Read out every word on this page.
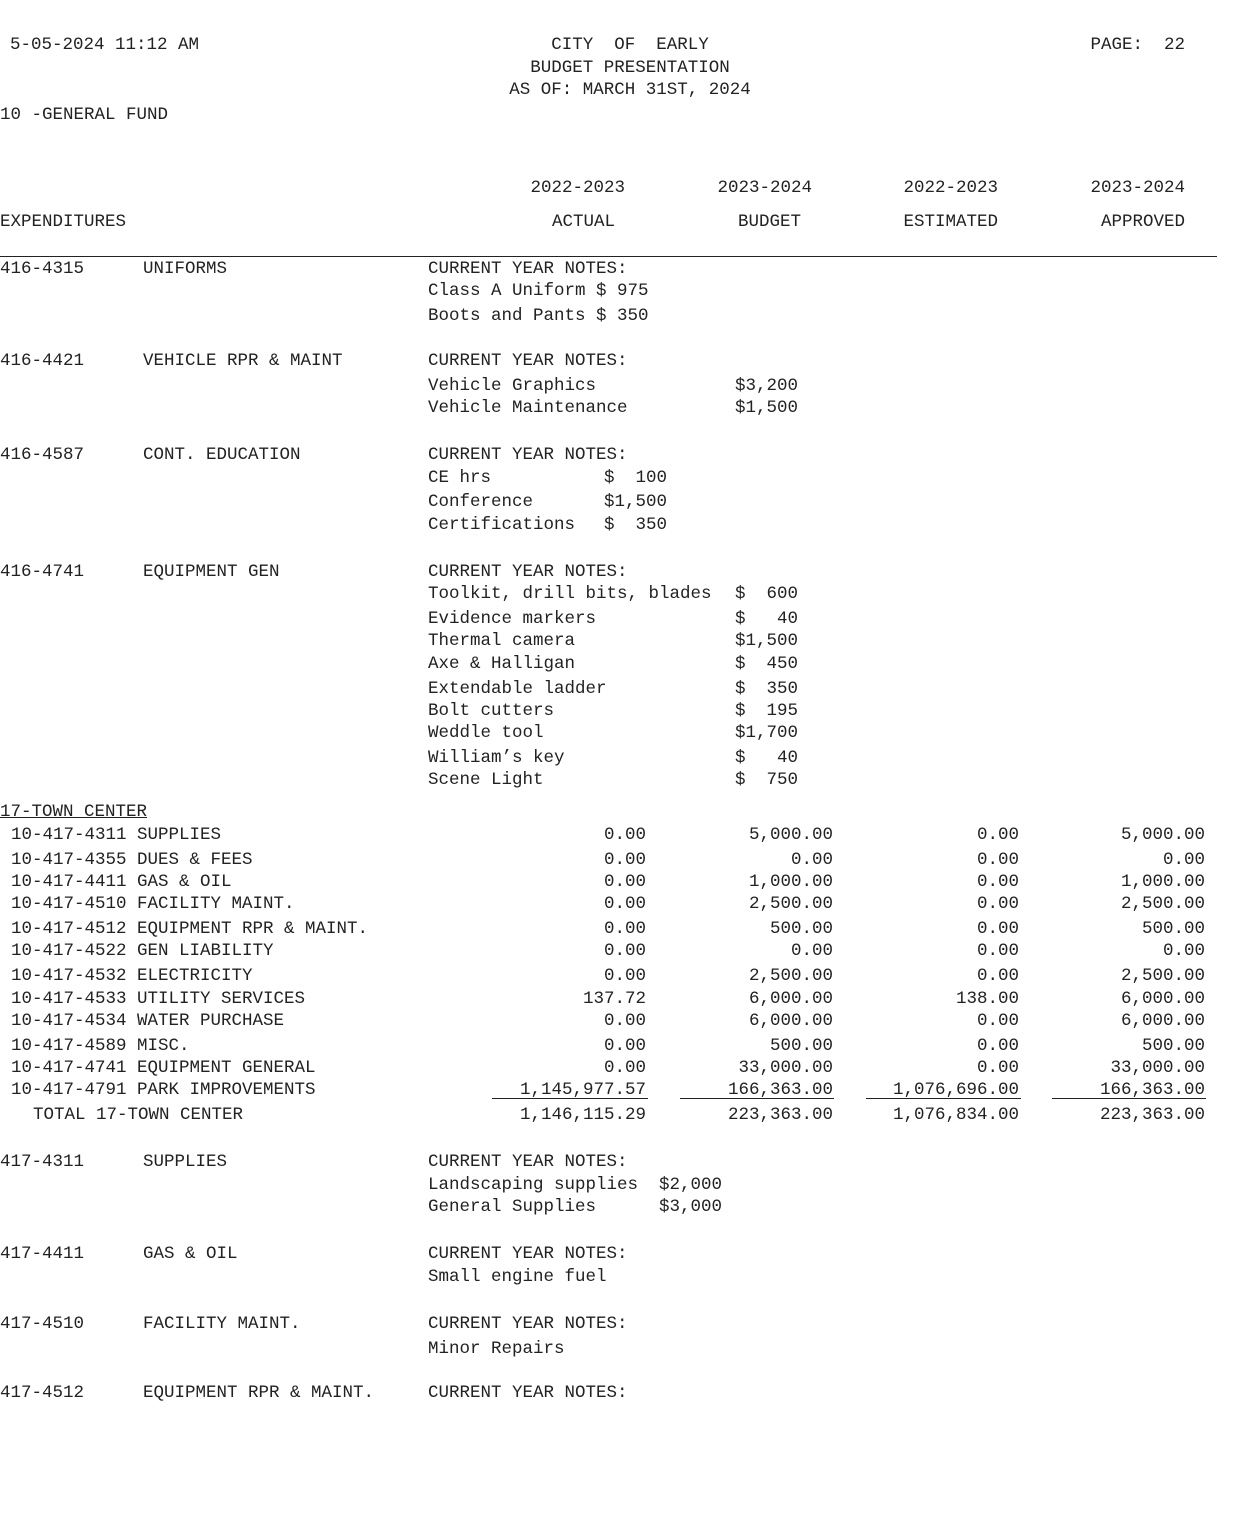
5-05-2024 11:12 AM	CITY  OF  EARLY
BUDGET PRESENTATION
AS OF: MARCH 31ST, 2024
PAGE:  22
10 -GENERAL FUND
2022-2023	2023-2024	2022-2023	2023-2024
EXPENDITURES	ACTUAL	BUDGET	ESTIMATED	APPROVED
416-4315	UNIFORMS	CURRENT YEAR NOTES:
Class A Uniform $ 975
Boots and Pants $ 350
416-4421	VEHICLE RPR & MAINT	CURRENT YEAR NOTES:
Vehicle Graphics	$3,200
Vehicle Maintenance	$1,500
416-4587	CONT. EDUCATION	CURRENT YEAR NOTES:
CE hrs	$  100
Conference	$1,500
Certifications $  350
416-4741	EQUIPMENT GEN	CURRENT YEAR NOTES:
Toolkit, drill bits, blades $  600
Evidence markers	$   40
Thermal camera	$1,500
Axe & Halligan	$  450
Extendable ladder	$  350
Bolt cutters	$  195
Weddle tool	$1,700
William’s key	$   40
Scene Light	$  750
17-TOWN CENTER
10-417-4311 SUPPLIES	0.00	5,000.00	0.00	5,000.00
10-417-4355 DUES & FEES	0.00	0.00	0.00	0.00
10-417-4411 GAS & OIL	0.00	1,000.00	0.00	1,000.00
10-417-4510 FACILITY MAINT.	0.00	2,500.00	0.00	2,500.00
10-417-4512 EQUIPMENT RPR & MAINT.	0.00	500.00	0.00	500.00
10-417-4522 GEN LIABILITY	0.00	0.00	0.00	0.00
10-417-4532 ELECTRICITY	0.00	2,500.00	0.00	2,500.00
10-417-4533 UTILITY SERVICES	137.72	6,000.00	138.00	6,000.00
10-417-4534 WATER PURCHASE	0.00	6,000.00	0.00	6,000.00
10-417-4589 MISC.	0.00	500.00	0.00	500.00
10-417-4741 EQUIPMENT GENERAL	0.00	33,000.00	0.00	33,000.00
10-417-4791 PARK IMPROVEMENTS	1,145,977.57	166,363.00	1,076,696.00	166,363.00
TOTAL 17-TOWN CENTER	1,146,115.29	223,363.00	1,076,834.00	223,363.00
417-4311	SUPPLIES	CURRENT YEAR NOTES:
Landscaping supplies $2,000
General Supplies	$3,000
417-4411	GAS & OIL	CURRENT YEAR NOTES:
Small engine fuel
417-4510	FACILITY MAINT.	CURRENT YEAR NOTES:
Minor Repairs
417-4512	EQUIPMENT RPR & MAINT.	CURRENT YEAR NOTES:
